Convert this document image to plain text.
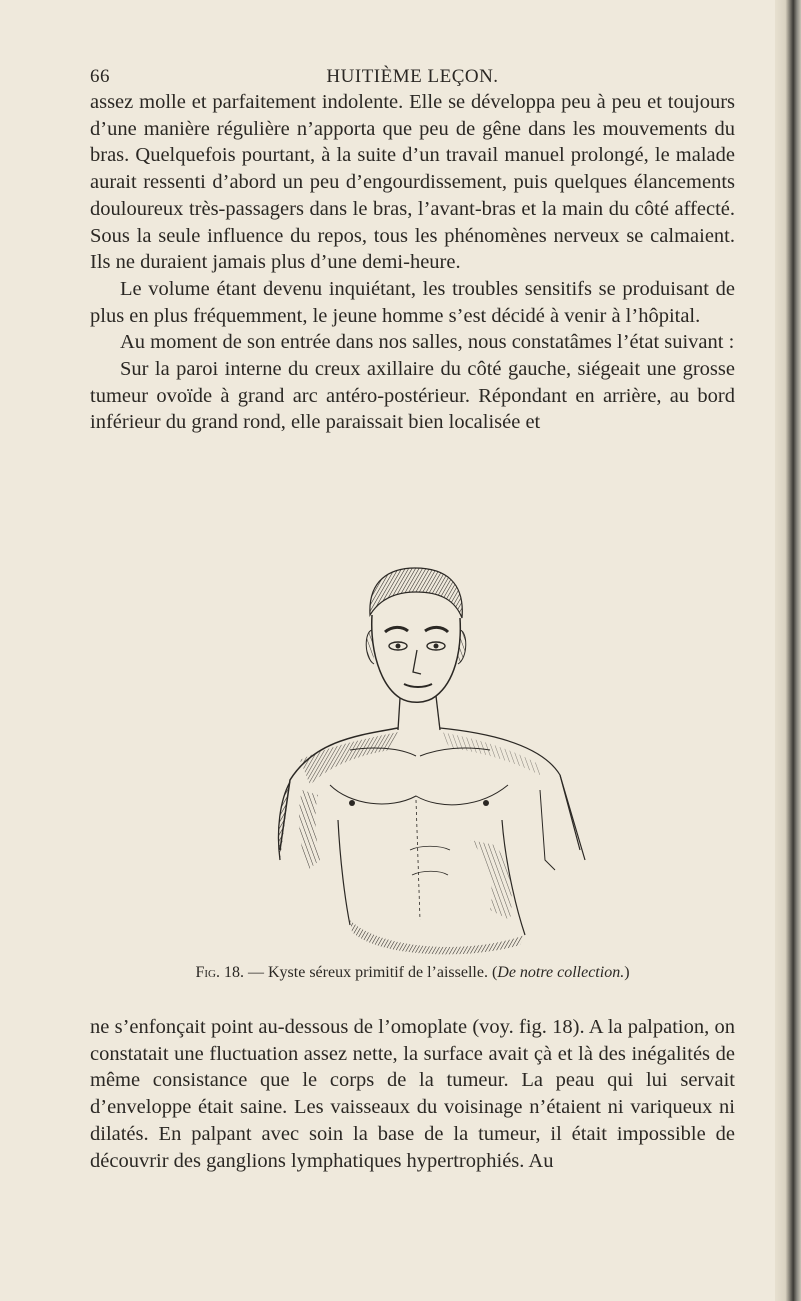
66	HUITIÈME LEÇON.

assez molle et parfaitement indolente. Elle se développa peu à peu et toujours d’une manière régulière n’apporta que peu de gêne dans les mouvements du bras. Quelquefois pourtant, à la suite d’un travail manuel prolongé, le malade aurait ressenti d’abord un peu d’engourdissement, puis quelques élancements douloureux très-passagers dans le bras, l’avant-bras et la main du côté affecté. Sous la seule influence du repos, tous les phénomènes nerveux se calmaient. Ils ne duraient jamais plus d’une demi-heure.

Le volume étant devenu inquiétant, les troubles sensitifs se produisant de plus en plus fréquemment, le jeune homme s’est décidé à venir à l’hôpital.

Au moment de son entrée dans nos salles, nous constatâmes l’état suivant :

Sur la paroi interne du creux axillaire du côté gauche, siégeait une grosse tumeur ovoïde à grand arc antéro-postérieur. Répondant en arrière, au bord inférieur du grand rond, elle paraissait bien localisée et

Fig. 18. — Kyste séreux primitif de l’aisselle. (De notre collection.)

ne s’enfonçait point au-dessous de l’omoplate (voy. fig. 18). A la palpation, on constatait une fluctuation assez nette, la surface avait çà et là des inégalités de même consistance que le corps de la tumeur. La peau qui lui servait d’enveloppe était saine. Les vaisseaux du voisinage n’étaient ni variqueux ni dilatés. En palpant avec soin la base de la tumeur, il était impossible de découvrir des ganglions lymphatiques hypertrophiés. Au
